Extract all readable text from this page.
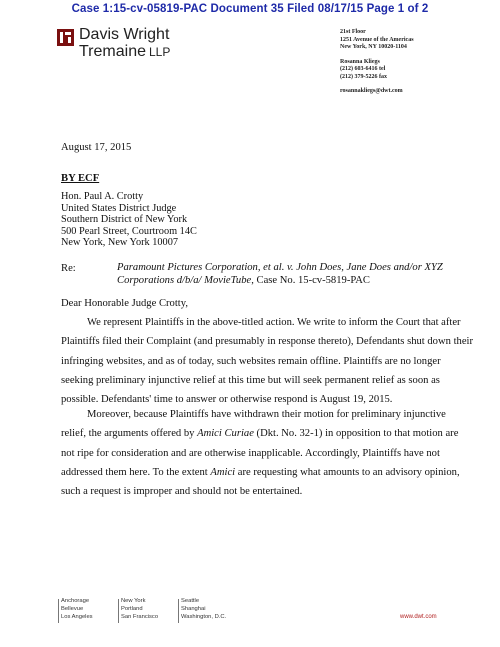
Case 1:15-cv-05819-PAC Document 35 Filed 08/17/15 Page 1 of 2
Davis Wright
Tremaine LLP
21st Floor
1251 Avenue of the Americas
New York, NY 10020-1104
Rosanna Kliegs
(212) 603-6416 tel
(212) 379-5226 fax
rosannakliegs@dwt.com
August 17, 2015
BY ECF
Hon. Paul A. Crotty
United States District Judge
Southern District of New York
500 Pearl Street, Courtroom 14C
New York, New York 10007
Re:	Paramount Pictures Corporation, et al. v. John Does, Jane Does and/or XYZ
Corporations d/b/a/ MovieTube, Case No. 15-cv-5819-PAC
Dear Honorable Judge Crotty,
We represent Plaintiffs in the above-titled action. We write to inform the Court that after
Plaintiffs filed their Complaint (and presumably in response thereto), Defendants shut down their
infringing websites, and as of today, such websites remain offline. Plaintiffs are no longer
seeking preliminary injunctive relief at this time but will seek permanent relief as soon as
possible. Defendants' time to answer or otherwise respond is August 19, 2015.
Moreover, because Plaintiffs have withdrawn their motion for preliminary injunctive
relief, the arguments offered by Amici Curiae (Dkt. No. 32-1) in opposition to that motion are
not ripe for consideration and are otherwise inapplicable. Accordingly, Plaintiffs have not
addressed them here. To the extent Amici are requesting what amounts to an advisory opinion,
such a request is improper and should not be entertained.
Anchorage
Bellevue
Los Angeles
New York
Portland
San Francisco
Seattle
Shanghai
Washington, D.C.	www.dwt.com
